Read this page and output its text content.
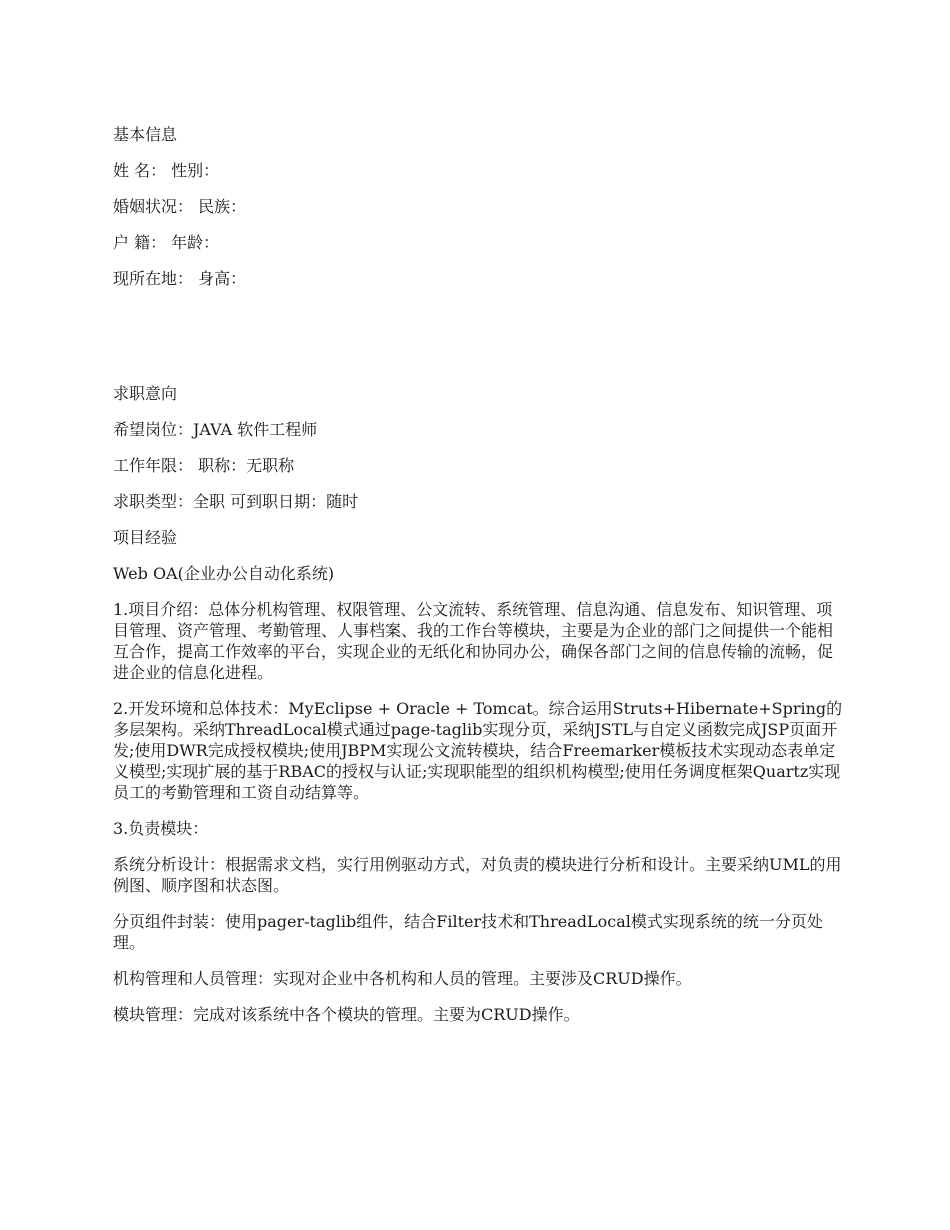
基本信息

姓 名： 性别：

婚姻状况： 民族：

户 籍： 年龄：

现所在地： 身高：

求职意向

希望岗位：JAVA 软件工程师

工作年限： 职称：无职称

求职类型：全职 可到职日期：随时

项目经验

Web OA(企业办公自动化系统)

1.项目介绍：总体分机构管理、权限管理、公文流转、系统管理、信息沟通、信息发布、知识管理、项目管理、资产管理、考勤管理、人事档案、我的工作台等模块，主要是为企业的部门之间提供一个能相互合作，提高工作效率的平台，实现企业的无纸化和协同办公，确保各部门之间的信息传输的流畅，促进企业的信息化进程。

2.开发环境和总体技术：MyEclipse + Oracle + Tomcat。综合运用Struts+Hibernate+Spring的多层架构。采纳ThreadLocal模式通过page-taglib实现分页，采纳JSTL与自定义函数完成JSP页面开发;使用DWR完成授权模块;使用JBPM实现公文流转模块，结合Freemarker模板技术实现动态表单定义模型;实现扩展的基于RBAC的授权与认证;实现职能型的组织机构模型;使用任务调度框架Quartz实现员工的考勤管理和工资自动结算等。

3.负责模块：

系统分析设计：根据需求文档，实行用例驱动方式，对负责的模块进行分析和设计。主要采纳UML的用例图、顺序图和状态图。

分页组件封装：使用pager-taglib组件，结合Filter技术和ThreadLocal模式实现系统的统一分页处理。

机构管理和人员管理：实现对企业中各机构和人员的管理。主要涉及CRUD操作。

模块管理：完成对该系统中各个模块的管理。主要为CRUD操作。
